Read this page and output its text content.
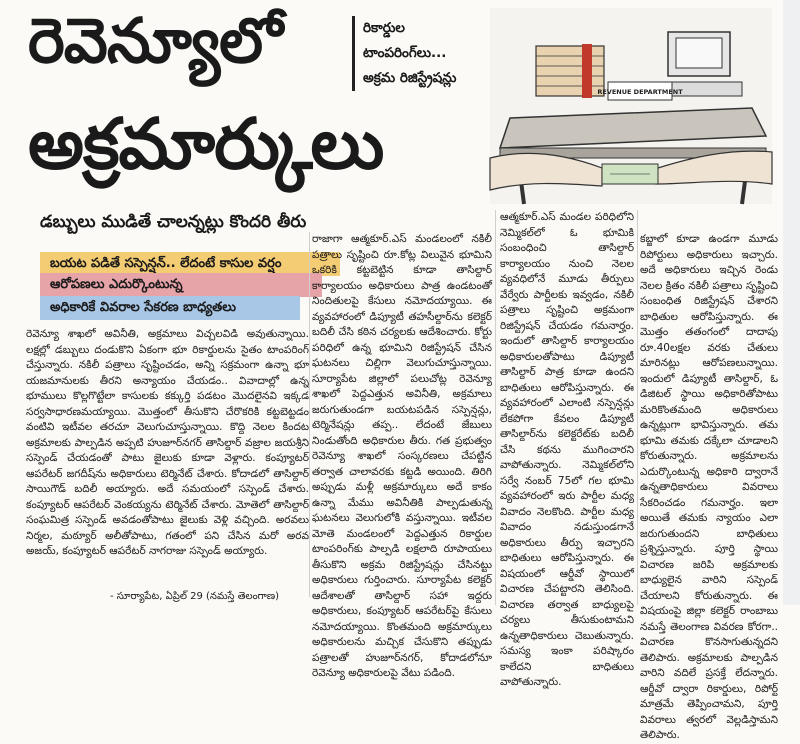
రెవెన్యూలో
అక్రమార్కులు
రికార్డుల
టాంపరింగ్‌లు...
అక్రమ రిజిస్ట్రేషన్లు
REVENUE DEPARTMENT
డబ్బులు ముడితే చాలన్నట్లు కొందరి తీరు
బయట పడితే సస్పెన్షన్‌.. లేదంటే కాసుల వర్షం
ఆరోపణలు ఎదుర్కొంటున్న
అధికారికే వివరాల సేకరణ బాధ్యతలు
రెవెన్యూ శాఖలో అవినీతి, అక్రమాలు విచ్చలవిడి అవుతున్నాయి. లక్షల్లో డబ్బులు దండుకొని ఏకంగా భూ రికార్డులను సైతం టాంపరింగ్‌ చేస్తున్నారు. నకిలీ పత్రాలు సృష్టించడం, అన్ని సక్రమంగా ఉన్నా భూ యజమానులకు తీరని అన్యాయం చేయడం.. వివాదాల్లో ఉన్న భూములు కొల్లగొట్టేలా కాసులకు కక్కుర్తి పడటం మొదలైనవి ఇక్కడ సర్వసాధారణమయ్యాయి. మొత్తంలో తీసుకొని చేరొకరికి కట్టబెట్టడం వంటివి ఇటీవల తరచూ వెలుగుచూస్తున్నాయి. కొద్ది నెలల కిందట అక్రమాలకు పాల్పడిన అప్పటి హుజూర్‌నగర్‌ తాసిల్దార్‌ వజ్రాల జయశ్రీని సస్పెండ్‌ చేయడంతో పాటు జైలుకు కూడా వెళ్లారు. కంప్యూటర్‌ ఆపరేటర్‌ జగదీష్‌ను అధికారులు టెర్మినేట్‌ చేశారు. కోదాడలో తాసిల్దార్‌ సాయిగౌడ్‌ బదిలీ అయ్యారు. అదే సమయంలో సస్పెండ్‌ చేశారు. కంప్యూటర్‌ ఆపరేటర్‌ వెంకయ్యను టెర్మినేట్‌ చేశారు. మోతెలో తాసిల్దార్‌ సంఘమిత్ర సస్పెండ్‌ అవడంతోపాటు జైలుకు వెళ్లి వచ్చింది. అరవలు నిర్మల, మఠ్యూర్‌ అలీతోపాటు, గతంలో పని చేసిన మరో అరవ అజయ్‌, కంప్యూటర్‌ ఆపరేటర్‌ నాగరాజు సస్పెండ్‌ అయ్యారు.
రాజాగా ఆత్మకూర్‌.ఎస్‌ మండలంలో నకిలీ పత్రాలు సృష్టించి రూ.కోట్ల విలువైన భూమిని ఒకరికి కట్టబెట్టిన కూడా తాసిల్దార్‌ కార్యాలయం అధికారులు పాత్ర ఉండటంతో నిందితులపై కేసులు నమోదయ్యాయి. ఈ వ్యవహారంలో డిప్యూటీ తహసీల్దార్‌ను కలెక్టర్‌ బదిలీ చేసి కఠిన చర్యలకు ఆదేశించారు. కోర్టు పరిధిలో ఉన్న భూమిని రిజిస్ట్రేషన్‌ చేసిన ఘటనలు చిల్లిగా వెలుగుచూస్తున్నాయి. సూర్యాపేట జిల్లాలో పలుచోట్ల రెవెన్యూ శాఖలో పెద్దఎత్తున అవినీతి, అక్రమాలు జరుగుతుండగా బయటపడిన సస్పెన్షన్లు, టెర్మినేషన్లు తప్ప.. లేదంటే జేబులు నిండుతోంది అధికారుల తీరు. గత ప్రభుత్వం రెవెన్యూ శాఖలో సంస్కరణలు చేపట్టిన తర్వాత చాలావరకు కట్టడి అయింది. తిరిగి అప్పుడు మళ్లీ అక్రమార్కులు అదే కాకం ఉన్నా మేము అవినీతికి పాల్పడుతున్న ఘటనలు వెలుగులోకి వస్తున్నాయి. ఇటీవల మోతె మండలంలో పెద్దఎత్తున రికార్డుల టాంపరింగ్‌కు పాల్పడి లక్షలాది రూపాయలు తీసుకొని అక్రమ రిజిస్ట్రేషన్లు చేసినట్టు అధికారులు గుర్తించారు. సూర్యాపేట కలెక్టర్‌ ఆదేశాలతో తాసిల్దార్‌ సహా ఇద్దరు అధికారులు, కంప్యూటర్‌ ఆపరేటర్‌పై కేసులు నమోదయ్యాయి. కొంతమంది అక్రమార్కులు అధికారులను మచ్చిక చేసుకొని తప్పుడు పత్రాలతో హుజూర్‌నగర్‌, కోదాడలోనూ రెవెన్యూ అధికారులపై వేటు పడింది.
ఆత్మకూర్‌.ఎస్‌ మండల పరిధిలోని నెమ్మికల్‌లో ఓ భూమికి సంబంధించి తాసిల్దార్‌ కార్యాలయం నుంచి నెలల వ్యవధిలోనే మూడు తీర్పులు వేర్వేరు పార్టీలకు ఇవ్వడం, నకిలీ పత్రాలు సృష్టించి అక్రమంగా రిజిస్ట్రేషన్‌ చేయడం గమనార్హం. ఇందులో తాసిల్దార్‌ కార్యాలయం అధికారులతోపాటు డిప్యూటీ తాసిల్దార్‌ పాత్ర కూడా ఉందని బాధితులు ఆరోపిస్తున్నారు. ఈ వ్యవహారంలో ఎలాంటి నస్పెన్షన్లు లేకపోగా కేవలం డిప్యూటీ తాసిల్దార్‌ను కలెక్టరేట్‌కు బదిలీ చేసి కథను ముగించారని వాపోతున్నారు. నెమ్మికల్‌లోని సర్వే నంబర్‌ 75లో గల భూమి వ్యవహారంలో ఇరు పార్టీల మధ్య వివాదం నెలకొంది. పార్టీల మధ్య వివాదం నడుస్తుండగానే అధికారులు తీర్పు ఇచ్చారని బాధితులు ఆరోపిస్తున్నారు. ఈ విషయంలో ఆర్డీవో స్థాయిలో విచారణ చేపట్టారని తెలిసింది. విచారణ తర్వాత బాధ్యులపై చర్యలు తీసుకుంటామని ఉన్నతాధికారులు చెబుతున్నారు. సమస్య ఇంకా పరిష్కారం కాలేదని బాధితులు వాపోతున్నారు.
కబ్జాలో కూడా ఉండగా మూడు రిపోర్టులు అధికారులు ఇచ్చారు. అదే అధికారులు ఇచ్చిన రెండు నెలల క్రితం నకిలీ పత్రాలు సృష్టించి సంబంధిత రిజిస్ట్రేషన్‌ చేశారని బాధితుల ఆరోపిస్తున్నారు. ఈ మొత్తం తతంగంలో దాదాపు రూ.40లక్షల వరకు చేతులు మారినట్లు ఆరోపణలున్నాయి. ఇందులో డిప్యూటీ తాసిల్దార్‌, ఓ డిజిటల్‌ స్థాయి అధికారితోపాటు మరికొంతమంది అధికారులు ఉన్నట్లుగా భావిస్తున్నారు. తమ భూమి తమకు దక్కేలా చూడాలని కోరుతున్నారు. అక్రమాలను ఎదుర్కొంటున్న అధికారి ద్వారానే ఉన్నతాధికారులు వివరాలు సేకరించడం గమనార్హం. ఇలా అయితే తమకు న్యాయం ఎలా జరుగుతుందని బాధితులు ప్రశ్నిస్తున్నారు. పూర్తి స్థాయి విచారణ జరిపి అక్రమాలకు బాధ్యులైన వారిని సస్పెండ్‌ చేయాలని కోరుతున్నారు. ఈ విషయంపై జిల్లా కలెక్టర్‌ రాంబాబు నమస్తే తెలంగాణ వివరణ కోరగా.. విచారణ కొనసాగుతున్నదని తెలిపారు. అక్రమాలకు పాల్పడిన వారిని వదిలే ప్రసక్తే లేదన్నారు. ఆర్డీవో ద్వారా రికార్డులు, రిపోర్ట్‌ మాత్రమే తెప్పించామని, పూర్తి వివరాలు త్వరలో వెల్లడిస్తామని తెలిపారు.
- సూర్యాపేట, ఏప్రిల్‌ 29 (నమస్తే తెలంగాణ)
